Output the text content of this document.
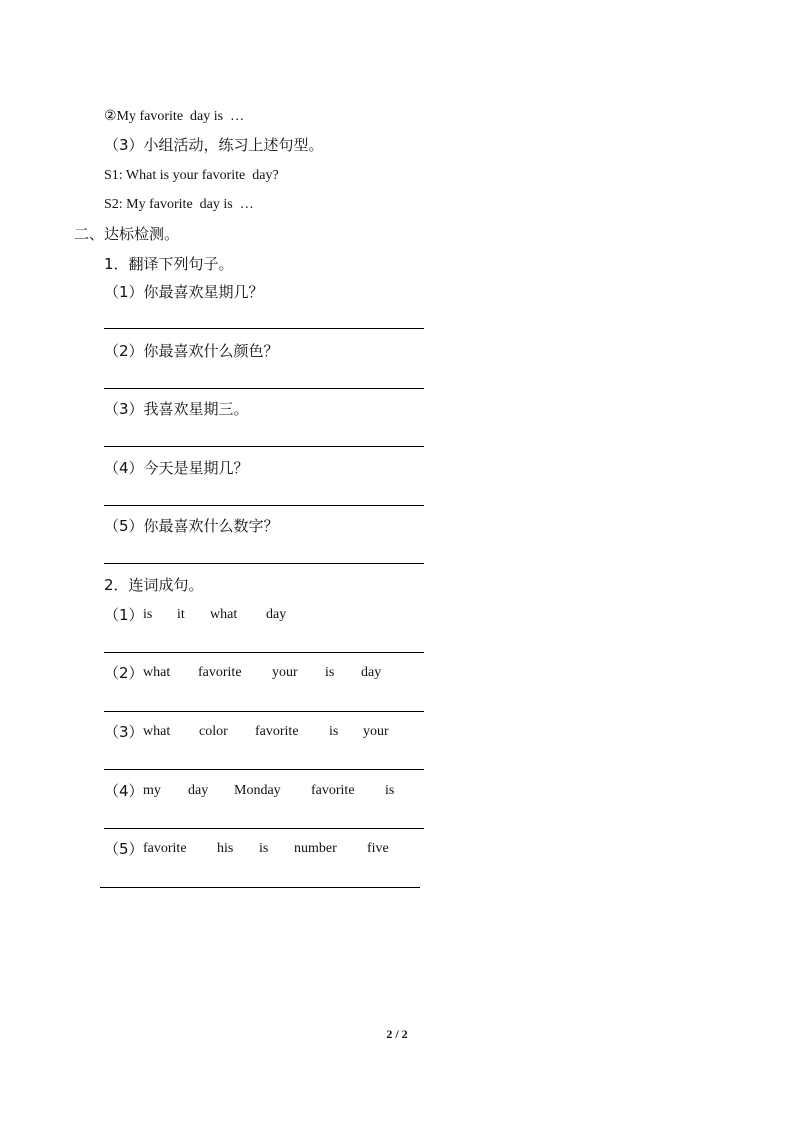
②My favorite  day is  …
（3）小组活动，练习上述句型。
S1: What is your favorite  day?
S2: My favorite  day is  …
二、达标检测。
1．翻译下列句子。
（1）你最喜欢星期几？
（2）你最喜欢什么颜色？
（3）我喜欢星期三。
（4）今天是星期几？
（5）你最喜欢什么数字？
2．连词成句。
（1） is it what day
（2） what favorite your is day
（3） what color favorite is your
（4） my day Monday favorite is
（5） favorite his is number five
2 / 2
